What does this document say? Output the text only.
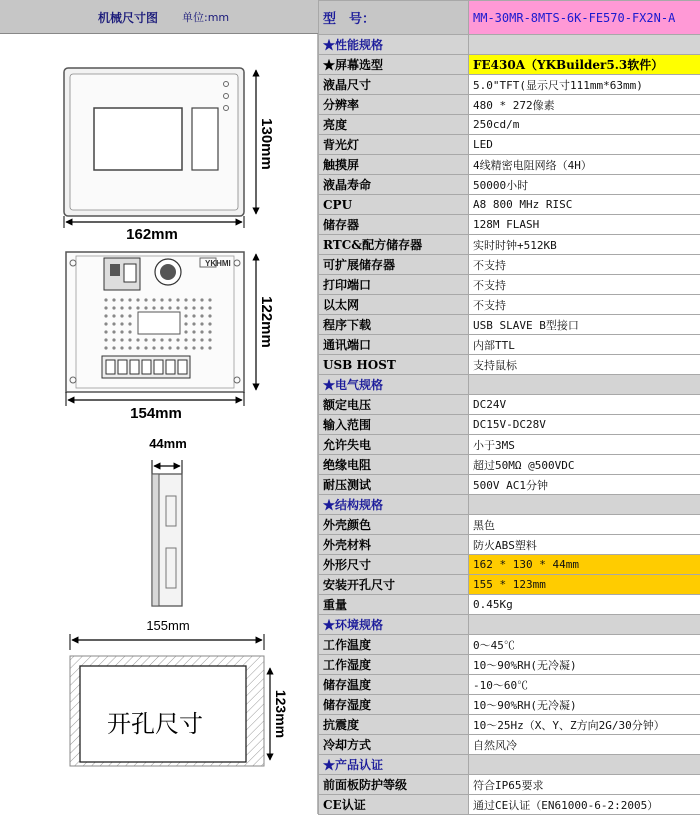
机械尺寸图 单位:mm
130mm
162mm
YKHMI
122mm
154mm
44mm
155mm
开孔尺寸	123mm
型　号：	MM-30MR-8MTS-6K-FE570-FX2N-A
★性能规格	
★屏幕选型	FE430A（YKBuilder5.3软件）
液晶尺寸	5.0"TFT(显示尺寸111mm*63mm)
分辨率	480 * 272像素
亮度	250cd/m
背光灯	LED
触摸屏	4线精密电阻网络（4H）
液晶寿命	50000小时
CPU	A8 800 MHz RISC
储存器	128M FLASH
RTC&配方储存器	实时时钟+512KB
可扩展储存器	不支持
打印端口	不支持
以太网	不支持
程序下载	USB SLAVE B型接口
通讯端口	内部TTL
USB HOST	支持鼠标
★电气规格	
额定电压	DC24V
输入范围	DC15V-DC28V
允许失电	小于3MS
绝缘电阻	超过50MΩ @500VDC
耐压测试	500V AC1分钟
★结构规格	
外壳颜色	黑色
外壳材料	防火ABS塑料
外形尺寸	162 * 130 * 44mm
安装开孔尺寸	155 * 123mm
重量	0.45Kg
★环境规格	
工作温度	0～45℃
工作湿度	10～90%RH(无冷凝)
储存温度	-10～60℃
储存湿度	10～90%RH(无冷凝)
抗震度	10～25Hz（X、Y、Z方向2G/30分钟）
冷却方式	自然风冷
★产品认证	
前面板防护等级	符合IP65要求
CE认证	通过CE认证（EN61000-6-2:2005）
